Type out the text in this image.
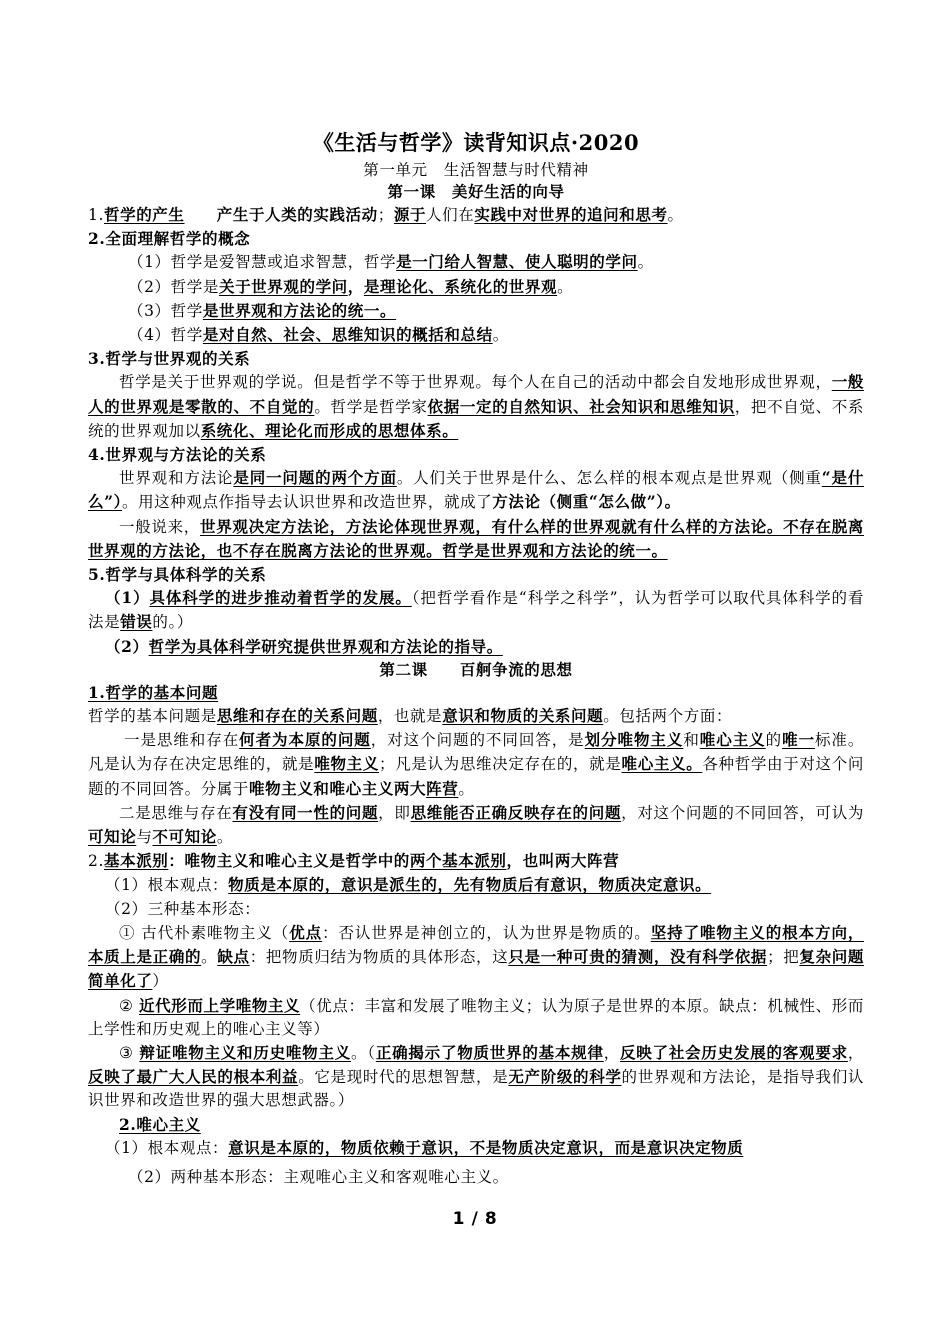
《生活与哲学》读背知识点·2020
第一单元　生活智慧与时代精神
第一课　美好生活的向导

1.哲学的产生　　产生于人类的实践活动；源于人们在实践中对世界的追问和思考。

2.全面理解哲学的概念

（1）哲学是爱智慧或追求智慧，哲学是一门给人智慧、使人聪明的学问。

（2）哲学是关于世界观的学问，是理论化、系统化的世界观。

（3）哲学是世界观和方法论的统一。

（4）哲学是对自然、社会、思维知识的概括和总结。

3.哲学与世界观的关系

哲学是关于世界观的学说。但是哲学不等于世界观。每个人在自己的活动中都会自发地形成世界观，一般人的世界观是零散的、不自觉的。哲学是哲学家依据一定的自然知识、社会知识和思维知识，把不自觉、不系统的世界观加以系统化、理论化而形成的思想体系。

4.世界观与方法论的关系

世界观和方法论是同一问题的两个方面。人们关于世界是什么、怎么样的根本观点是世界观（侧重“是什么”）。用这种观点作指导去认识世界和改造世界，就成了方法论（侧重“怎么做”）。

一般说来，世界观决定方法论，方法论体现世界观，有什么样的世界观就有什么样的方法论。不存在脱离世界观的方法论，也不存在脱离方法论的世界观。哲学是世界观和方法论的统一。

5.哲学与具体科学的关系

（1）具体科学的进步推动着哲学的发展。（把哲学看作是“科学之科学”，认为哲学可以取代具体科学的看法是错误的。）

（2）哲学为具体科学研究提供世界观和方法论的指导。

第二课　　百舸争流的思想

1.哲学的基本问题

哲学的基本问题是思维和存在的关系问题，也就是意识和物质的关系问题。包括两个方面：

一是思维和存在何者为本原的问题，对这个问题的不同回答，是划分唯物主义和唯心主义的唯一标准。凡是认为存在决定思维的，就是唯物主义；凡是认为思维决定存在的，就是唯心主义。各种哲学由于对这个问题的不同回答。分属于唯物主义和唯心主义两大阵营。

二是思维与存在有没有同一性的问题，即思维能否正确反映存在的问题，对这个问题的不同回答，可认为可知论与不可知论。

2.基本派别：唯物主义和唯心主义是哲学中的两个基本派别，也叫两大阵营

（1）根本观点：物质是本原的，意识是派生的，先有物质后有意识，物质决定意识。

（2）三种基本形态：

① 古代朴素唯物主义（优点：否认世界是神创立的，认为世界是物质的。坚持了唯物主义的根本方向，本质上是正确的。缺点：把物质归结为物质的具体形态，这只是一种可贵的猜测，没有科学依据；把复杂问题简单化了）

② 近代形而上学唯物主义（优点：丰富和发展了唯物主义；认为原子是世界的本原。缺点：机械性、形而上学性和历史观上的唯心主义等）

③ 辩证唯物主义和历史唯物主义。（正确揭示了物质世界的基本规律，反映了社会历史发展的客观要求，反映了最广大人民的根本利益。它是现时代的思想智慧，是无产阶级的科学的世界观和方法论，是指导我们认识世界和改造世界的强大思想武器。）

2.唯心主义

（1）根本观点：意识是本原的，物质依赖于意识，不是物质决定意识，而是意识决定物质

（2）两种基本形态：主观唯心主义和客观唯心主义。

1 / 8
